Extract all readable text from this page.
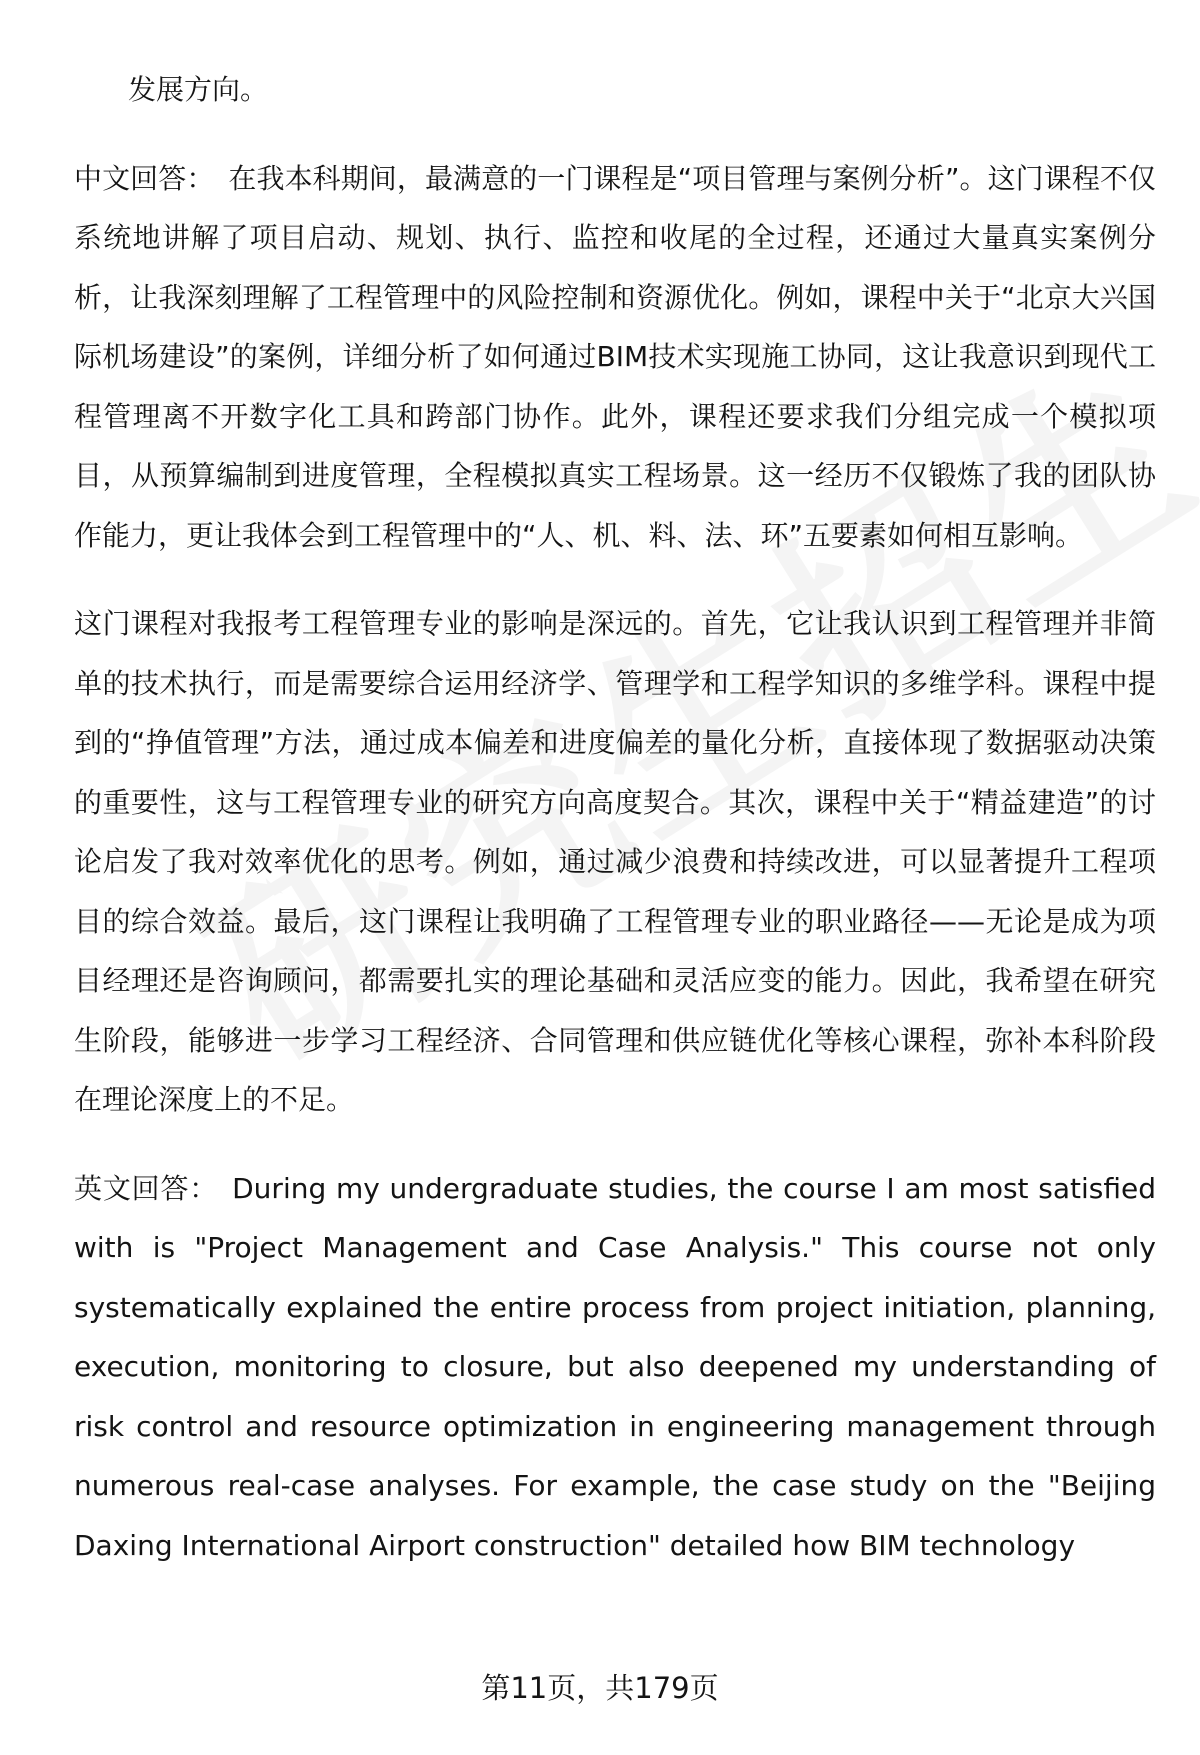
发展方向。

中文回答： 在我本科期间，最满意的一门课程是“项目管理与案例分析”。这门课程不仅系统地讲解了项目启动、规划、执行、监控和收尾的全过程，还通过大量真实案例分析，让我深刻理解了工程管理中的风险控制和资源优化。例如，课程中关于“北京大兴国际机场建设”的案例，详细分析了如何通过BIM技术实现施工协同，这让我意识到现代工程管理离不开数字化工具和跨部门协作。此外，课程还要求我们分组完成一个模拟项目，从预算编制到进度管理，全程模拟真实工程场景。这一经历不仅锻炼了我的团队协作能力，更让我体会到工程管理中的“人、机、料、法、环”五要素如何相互影响。

这门课程对我报考工程管理专业的影响是深远的。首先，它让我认识到工程管理并非简单的技术执行，而是需要综合运用经济学、管理学和工程学知识的多维学科。课程中提到的“挣值管理”方法，通过成本偏差和进度偏差的量化分析，直接体现了数据驱动决策的重要性，这与工程管理专业的研究方向高度契合。其次，课程中关于“精益建造”的讨论启发了我对效率优化的思考。例如，通过减少浪费和持续改进，可以显著提升工程项目的综合效益。最后，这门课程让我明确了工程管理专业的职业路径——无论是成为项目经理还是咨询顾问，都需要扎实的理论基础和灵活应变的能力。因此，我希望在研究生阶段，能够进一步学习工程经济、合同管理和供应链优化等核心课程，弥补本科阶段在理论深度上的不足。

英文回答： During my undergraduate studies, the course I am most satisfied with is "Project Management and Case Analysis." This course not only systematically explained the entire process from project initiation, planning, execution, monitoring to closure, but also deepened my understanding of risk control and resource optimization in engineering management through numerous real-case analyses. For example, the case study on the "Beijing Daxing International Airport construction" detailed how BIM technology

第11页，共179页
